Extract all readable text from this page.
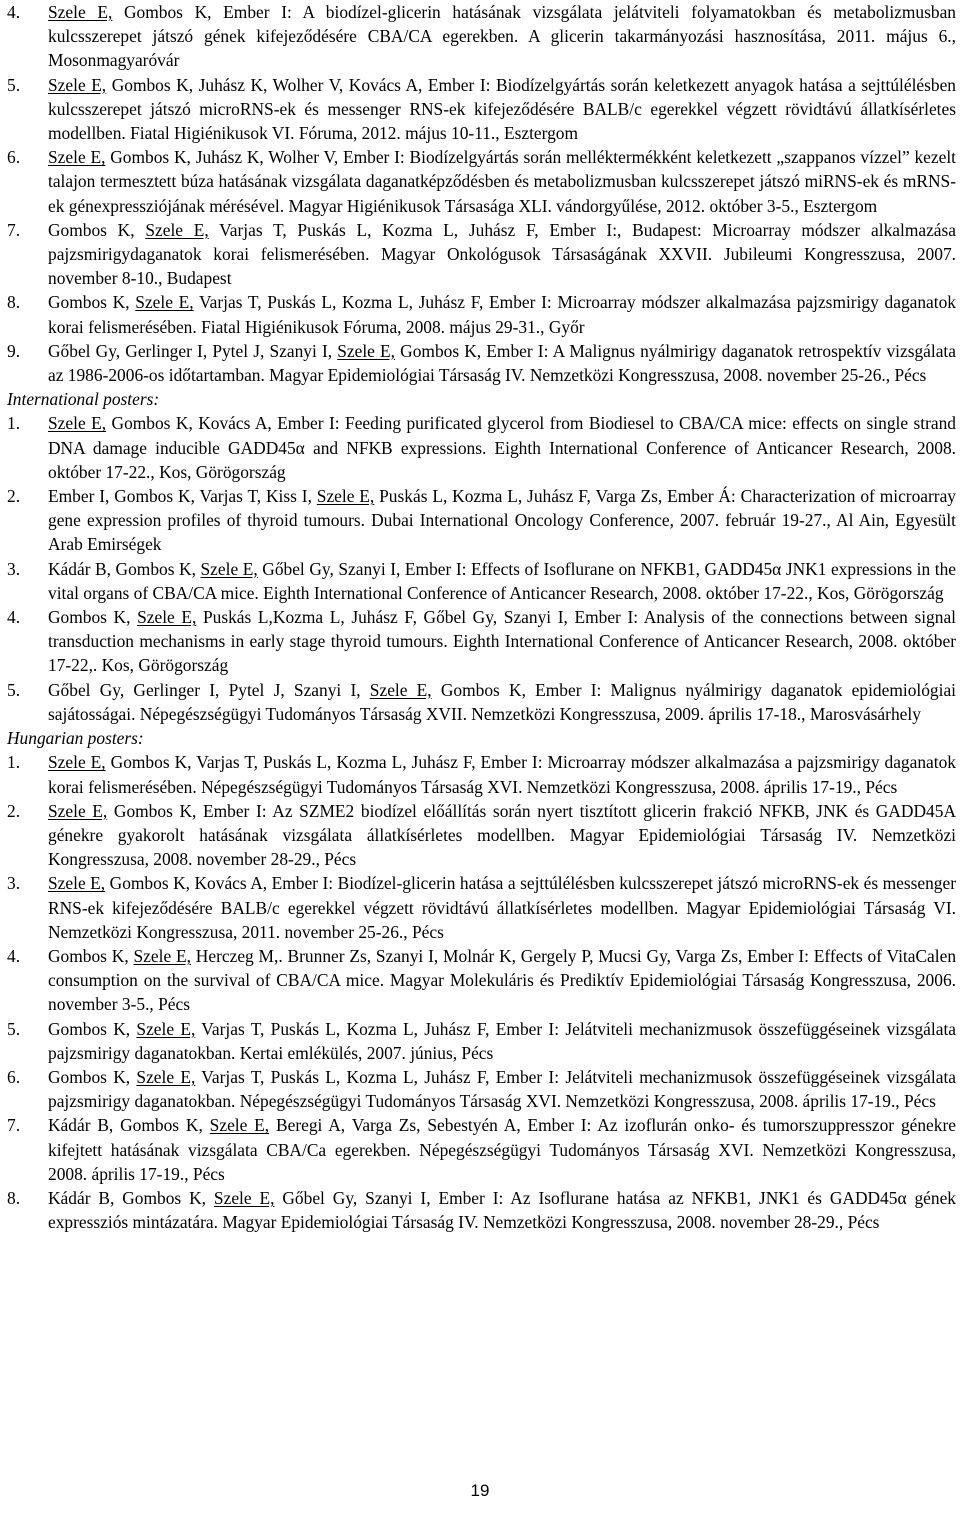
4 . Szele E, Gombos K, Ember I: A biodízel-glicerin hatásának vizsgálata jelátviteli folyamatokban és metabolizmusban kulcsszerepet játszó gének kifejeződésére CBA/CA egerekben. A glicerin takarmányozási hasznosítása, 2011. május 6., Mosonmagyaróvár
5 . Szele E, Gombos K, Juhász K, Wolher V, Kovács A, Ember I: Biodízelgyártás során keletkezett anyagok hatása a sejttúlélésben kulcsszerepet játszó microRNS-ek és messenger RNS-ek kifejeződésére BALB/c egerekkel végzett rövidtávú állatkísérletes modellben. Fiatal Higiénikusok VI. Fóruma, 2012. május 10-11., Esztergom
6 . Szele E, Gombos K, Juhász K, Wolher V, Ember I: Biodízelgyártás során melléktermékként keletkezett „szappanos vízzel” kezelt talajon termesztett búza hatásának vizsgálata daganatképződésben és metabolizmusban kulcsszerepet játszó miRNS-ek és mRNS-ek génexpressziójának mérésével. Magyar Higiénikusok Társasága XLI. vándorgyűlése, 2012. október 3-5., Esztergom
7 . Gombos K, Szele E, Varjas T, Puskás L, Kozma L, Juhász F, Ember I:, Budapest: Microarray módszer alkalmazása pajzsmirigydaganatok korai felismerésében. Magyar Onkológusok Társaságának XXVII. Jubileumi Kongresszusa, 2007. november 8-10., Budapest
8 . Gombos K, Szele E, Varjas T, Puskás L, Kozma L, Juhász F, Ember I: Microarray módszer alkalmazása pajzsmirigy daganatok korai felismerésében. Fiatal Higiénikusok Fóruma, 2008. május 29-31., Győr
9 . Gőbel Gy, Gerlinger I, Pytel J, Szanyi I, Szele E, Gombos K, Ember I: A Malignus nyálmirigy daganatok retrospektív vizsgálata az 1986-2006-os időtartamban. Magyar Epidemiológiai Társaság IV. Nemzetközi Kongresszusa, 2008. november 25-26., Pécs
International posters:
1 . Szele E, Gombos K, Kovács A, Ember I: Feeding purificated glycerol from Biodiesel to CBA/CA mice: effects on single strand DNA damage inducible GADD45α and NFKB expressions. Eighth International Conference of Anticancer Research, 2008. október 17-22., Kos, Görögország
2 . Ember I, Gombos K, Varjas T, Kiss I, Szele E, Puskás L, Kozma L, Juhász F, Varga Zs, Ember Á: Characterization of microarray gene expression profiles of thyroid tumours. Dubai International Oncology Conference, 2007. február 19-27., Al Ain, Egyesült Arab Emirségek
3 . Kádár B, Gombos K, Szele E, Gőbel Gy, Szanyi I, Ember I: Effects of Isoflurane on NFKB1, GADD45α JNK1 expressions in the vital organs of CBA/CA mice. Eighth International Conference of Anticancer Research, 2008. október 17-22., Kos, Görögország
4 . Gombos K, Szele E, Puskás L,Kozma L, Juhász F, Gőbel Gy, Szanyi I, Ember I: Analysis of the connections between signal transduction mechanisms in early stage thyroid tumours. Eighth International Conference of Anticancer Research, 2008. október 17-22,. Kos, Görögország
5 . Gőbel Gy, Gerlinger I, Pytel J, Szanyi I, Szele E, Gombos K, Ember I: Malignus nyálmirigy daganatok epidemiológiai sajátosságai. Népegészségügyi Tudományos Társaság XVII. Nemzetközi Kongresszusa, 2009. április 17-18., Marosvásárhely
Hungarian posters:
1 . Szele E, Gombos K, Varjas T, Puskás L, Kozma L, Juhász F, Ember I: Microarray módszer alkalmazása a pajzsmirigy daganatok korai felismerésében. Népegészségügyi Tudományos Társaság XVI. Nemzetközi Kongresszusa, 2008. április 17-19., Pécs
2 . Szele E, Gombos K, Ember I: Az SZME2 biodízel előállítás során nyert tisztított glicerin frakció NFKB, JNK és GADD45A génekre gyakorolt hatásának vizsgálata állatkísérletes modellben. Magyar Epidemiológiai Társaság IV. Nemzetközi Kongresszusa, 2008. november 28-29., Pécs
3 . Szele E, Gombos K, Kovács A, Ember I: Biodízel-glicerin hatása a sejttúlélésben kulcsszerepet játszó microRNS-ek és messenger RNS-ek kifejeződésére BALB/c egerekkel végzett rövidtávú állatkísérletes modellben. Magyar Epidemiológiai Társaság VI. Nemzetközi Kongresszusa, 2011. november 25-26., Pécs
4 . Gombos K, Szele E, Herczeg M,. Brunner Zs, Szanyi I, Molnár K, Gergely P, Mucsi Gy, Varga Zs, Ember I: Effects of VitaCalen consumption on the survival of CBA/CA mice. Magyar Molekuláris és Prediktív Epidemiológiai Társaság Kongresszusa, 2006. november 3-5., Pécs
5 . Gombos K, Szele E, Varjas T, Puskás L, Kozma L, Juhász F, Ember I: Jelátviteli mechanizmusok összefüggéseinek vizsgálata pajzsmirigy daganatokban. Kertai emlékülés, 2007. június, Pécs
6 . Gombos K, Szele E, Varjas T, Puskás L, Kozma L, Juhász F, Ember I: Jelátviteli mechanizmusok összefüggéseinek vizsgálata pajzsmirigy daganatokban. Népegészségügyi Tudományos Társaság XVI. Nemzetközi Kongresszusa, 2008. április 17-19., Pécs
7 . Kádár B, Gombos K, Szele E, Beregi A, Varga Zs, Sebestyén A, Ember I: Az izoflurán onko- és tumorszuppresszor génekre kifejtett hatásának vizsgálata CBA/Ca egerekben. Népegészségügyi Tudományos Társaság XVI. Nemzetközi Kongresszusa, 2008. április 17-19., Pécs
8 . Kádár B, Gombos K, Szele E, Gőbel Gy, Szanyi I, Ember I: Az Isoflurane hatása az NFKB1, JNK1 és GADD45α gének expressziós mintázatára. Magyar Epidemiológiai Társaság IV. Nemzetközi Kongresszusa, 2008. november 28-29., Pécs
19
